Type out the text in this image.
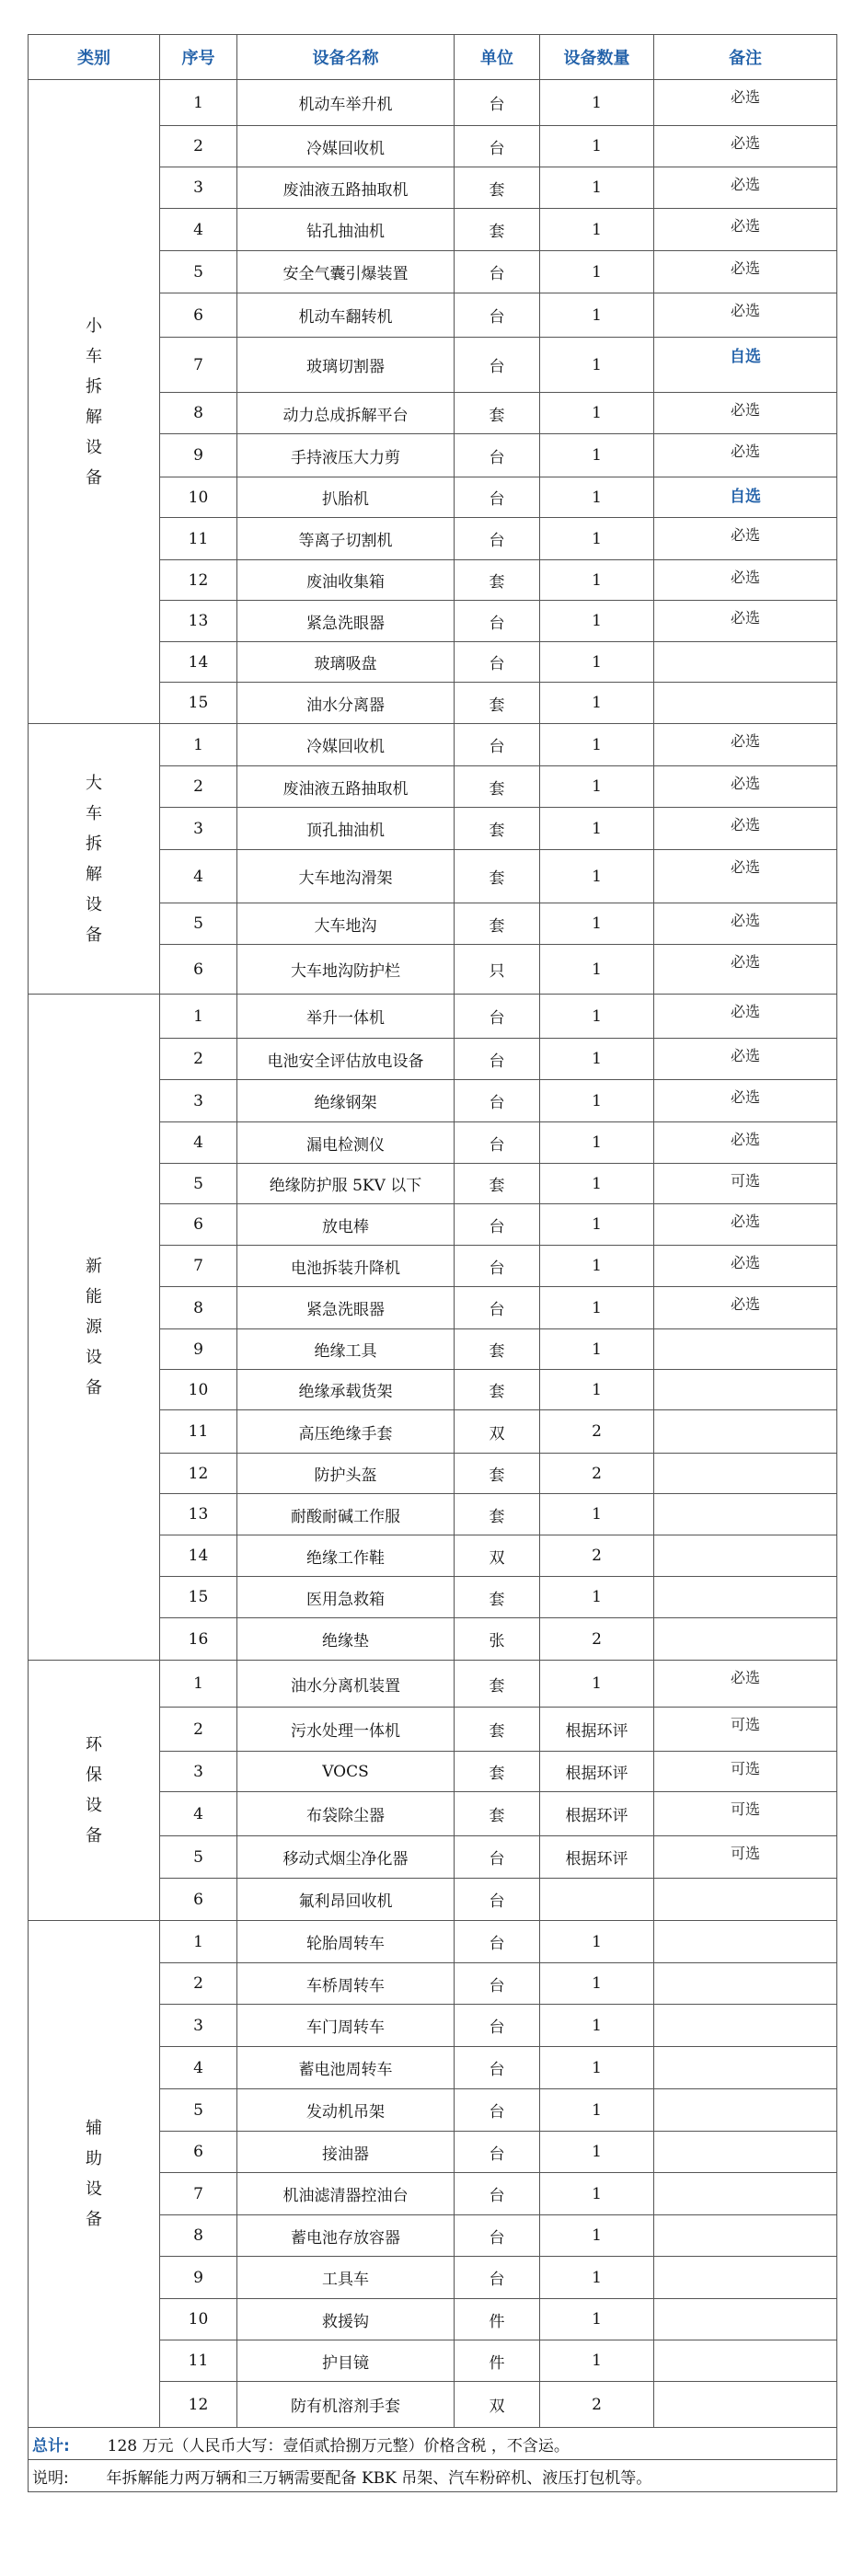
类别	序号	设备名称	单位	设备数量	备注

小车拆解设备	1	机动车举升机	台	1	必选
	2	冷媒回收机	台	1	必选
	3	废油液五路抽取机	套	1	必选
	4	钻孔抽油机	套	1	必选
	5	安全气囊引爆装置	台	1	必选
	6	机动车翻转机	台	1	必选
	7	玻璃切割器	台	1	自选
	8	动力总成拆解平台	套	1	必选
	9	手持液压大力剪	台	1	必选
	10	扒胎机	台	1	自选
	11	等离子切割机	台	1	必选
	12	废油收集箱	套	1	必选
	13	紧急洗眼器	台	1	必选
	14	玻璃吸盘	台	1	
	15	油水分离器	套	1	

大车拆解设备	1	冷媒回收机	台	1	必选
	2	废油液五路抽取机	套	1	必选
	3	顶孔抽油机	套	1	必选
	4	大车地沟滑架	套	1	必选
	5	大车地沟	套	1	必选
	6	大车地沟防护栏	只	1	必选

新能源设备	1	举升一体机	台	1	必选
	2	电池安全评估放电设备	台	1	必选
	3	绝缘钢架	台	1	必选
	4	漏电检测仪	台	1	必选
	5	绝缘防护服 5KV 以下	套	1	可选
	6	放电棒	台	1	必选
	7	电池拆装升降机	台	1	必选
	8	紧急洗眼器	台	1	必选
	9	绝缘工具	套	1	
	10	绝缘承载货架	套	1	
	11	高压绝缘手套	双	2	
	12	防护头盔	套	2	
	13	耐酸耐碱工作服	套	1	
	14	绝缘工作鞋	双	2	
	15	医用急救箱	套	1	
	16	绝缘垫	张	2	

环保设备	1	油水分离机装置	套	1	必选
	2	污水处理一体机	套	根据环评	可选
	3	VOCS	套	根据环评	可选
	4	布袋除尘器	套	根据环评	可选
	5	移动式烟尘净化器	台	根据环评	可选
	6	氟利昂回收机	台		

辅助设备	1	轮胎周转车	台	1	
	2	车桥周转车	台	1	
	3	车门周转车	台	1	
	4	蓄电池周转车	台	1	
	5	发动机吊架	台	1	
	6	接油器	台	1	
	7	机油滤清器控油台	台	1	
	8	蓄电池存放容器	台	1	
	9	工具车	台	1	
	10	救援钩	件	1	
	11	护目镜	件	1	
	12	防有机溶剂手套	双	2	
总计: 128 万元（人民币大写：壹佰贰拾捌万元整）价格含税 ，不含运。					
说明: 年拆解能力两万辆和三万辆需要配备 KBK 吊架、汽车粉碎机、液压打包机等。					
